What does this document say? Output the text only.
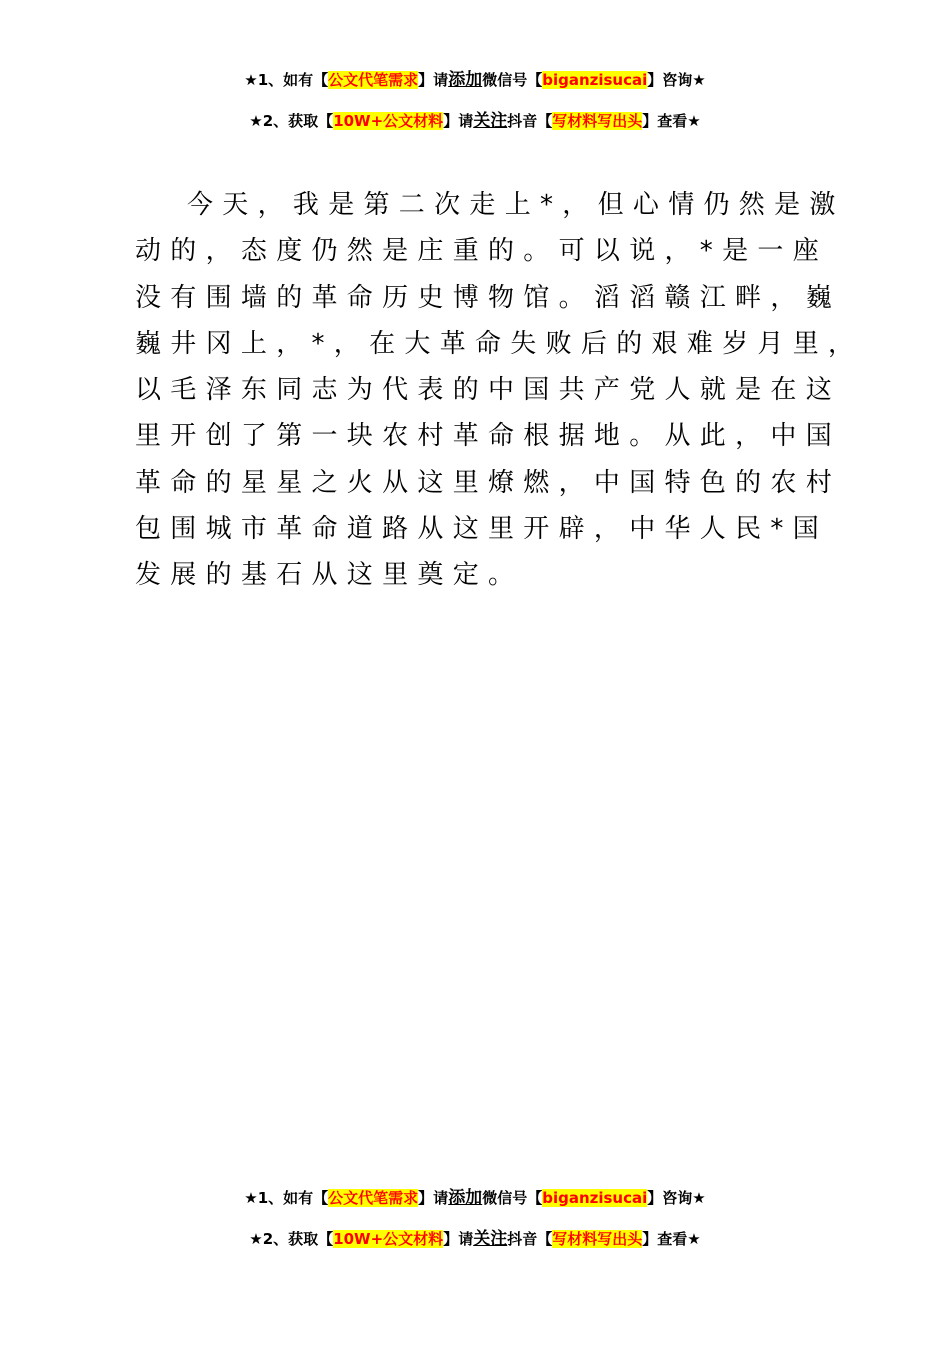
★1、如有【公文代笔需求】请添加微信号【biganzisucai】咨询★
★2、获取【10W+公文材料】请关注抖音【写材料写出头】查看★
今天，我是第二次走上*，但心情仍然是激
动的，态度仍然是庄重的。可以说，*是一座
没有围墙的革命历史博物馆。滔滔赣江畔，巍
巍井冈上，*，在大革命失败后的艰难岁月里，
以毛泽东同志为代表的中国共产党人就是在这
里开创了第一块农村革命根据地。从此，中国
革命的星星之火从这里燎燃，中国特色的农村
包围城市革命道路从这里开辟，中华人民*国
发展的基石从这里奠定。
★1、如有【公文代笔需求】请添加微信号【biganzisucai】咨询★
★2、获取【10W+公文材料】请关注抖音【写材料写出头】查看★
